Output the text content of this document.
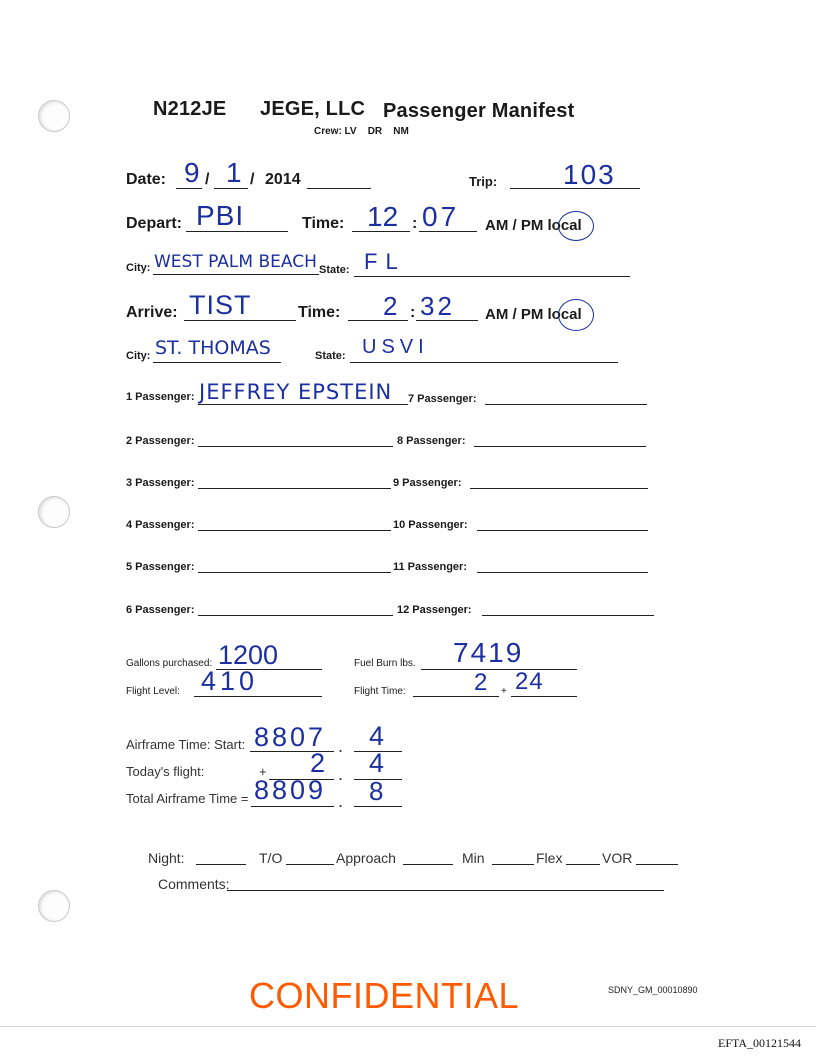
N212JE JEGE, LLC Passenger Manifest
Crew: LV    DR    NM
Date: 9 / 1 / 2014	Trip: 103
Depart: PBI	Time: 12 : 07 AM / PM local
City: WEST PALM BEACH State: FL
Arrive: TIST	Time: 2 : 32 AM / PM local
City: ST. THOMAS	State: USVI
1 Passenger: JEFFREY EPSTEIN 7 Passenger:
2 Passenger:	8 Passenger:
3 Passenger:	9 Passenger:
4 Passenger:	10 Passenger:
5 Passenger:	11 Passenger:
6 Passenger:	12 Passenger:
Gallons purchased: 1200	Fuel Burn lbs. 7419
Flight Level: 410	Flight Time:	2 + 24
Airframe Time: Start: 8807 . 4
Today's flight:	+ 2 . 4
Total Airframe Time = 8809 . 8
Night:	T/O	Approach	Min	Flex	VOR
Comments:
CONFIDENTIAL	SDNY_GM_00010890
EFTA_00121544
